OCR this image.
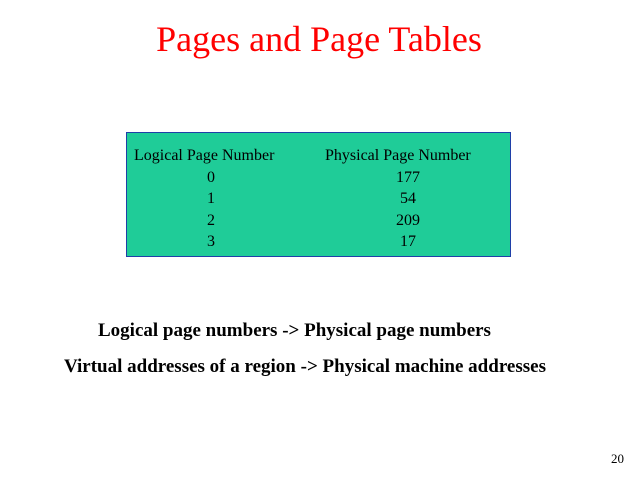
Pages and Page Tables
Logical Page Number
0
1
2
3
Physical Page Number
177
54
209
17
Logical page numbers -> Physical page numbers
Virtual addresses of a region -> Physical machine addresses
20
